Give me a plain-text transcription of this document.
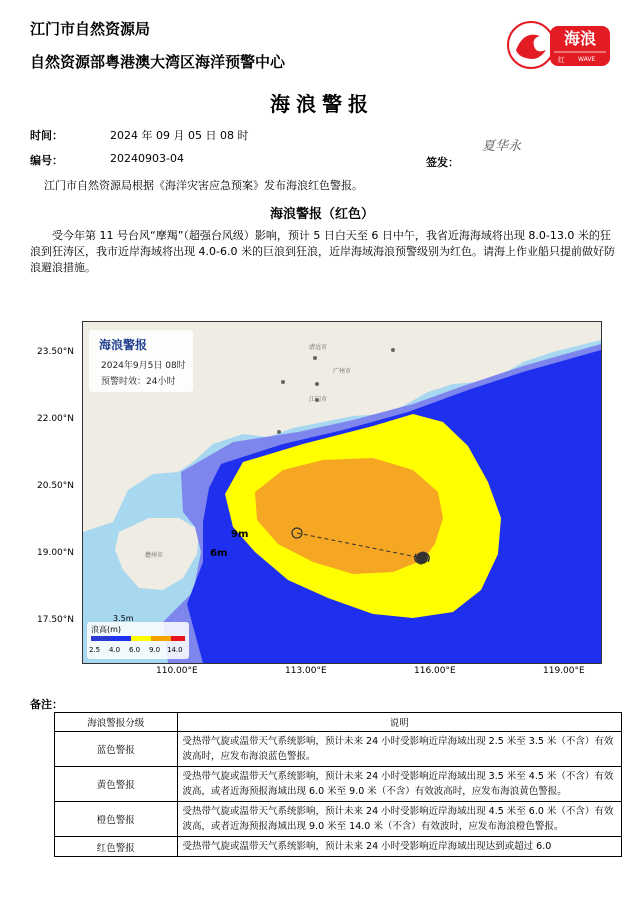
江门市自然资源局
自然资源部粤港澳大湾区海洋预警中心
海浪
红 WAVE
海浪警报
时间：	2024 年 09 月 05 日 08 时
编号：	20240903-04	签发：
夏华永
江门市自然资源局根据《海洋灾害应急预案》发布海浪红色警报。
海浪警报（红色）
受今年第 11 号台风“摩羯”（超强台风级）影响，预计 5 日白天至 6 日中午，我省近海海域将出现 8.0-13.0 米的狂浪到狂涛区，我市近岸海域将出现 4.0-6.0 米的巨浪到狂浪，近岸海域海浪预警级别为红色。请海上作业船只提前做好防浪避浪措施。
23.50°N
22.00°N
20.50°N
19.00°N
17.50°N
110.00°E	113.00°E	116.00°E	119.00°E
清远市
广州市
江门市
儋州市
9m
6m
海浪警报
2024年9月5日 08时
预警时效：24小时
浪高(m)
2.5 4.0 6.0 9.0 14.0
3.5m
备注：
海浪警报分级	说明
蓝色警报	受热带气旋或温带天气系统影响，预计未来 24 小时受影响近岸海域出现 2.5 米至 3.5 米（不含）有效波高时，应发布海浪蓝色警报。
黄色警报	受热带气旋或温带天气系统影响，预计未来 24 小时受影响近岸海域出现 3.5 米至 4.5 米（不含）有效波高，或者近海预报海域出现 6.0 米至 9.0 米（不含）有效波高时，应发布海浪黄色警报。
橙色警报	受热带气旋或温带天气系统影响，预计未来 24 小时受影响近岸海域出现 4.5 米至 6.0 米（不含）有效波高，或者近海预报海域出现 9.0 米至 14.0 米（不含）有效波时，应发布海浪橙色警报。
红色警报	受热带气旋或温带天气系统影响，预计未来 24 小时受影响近岸海域出现达到或超过 6.0
